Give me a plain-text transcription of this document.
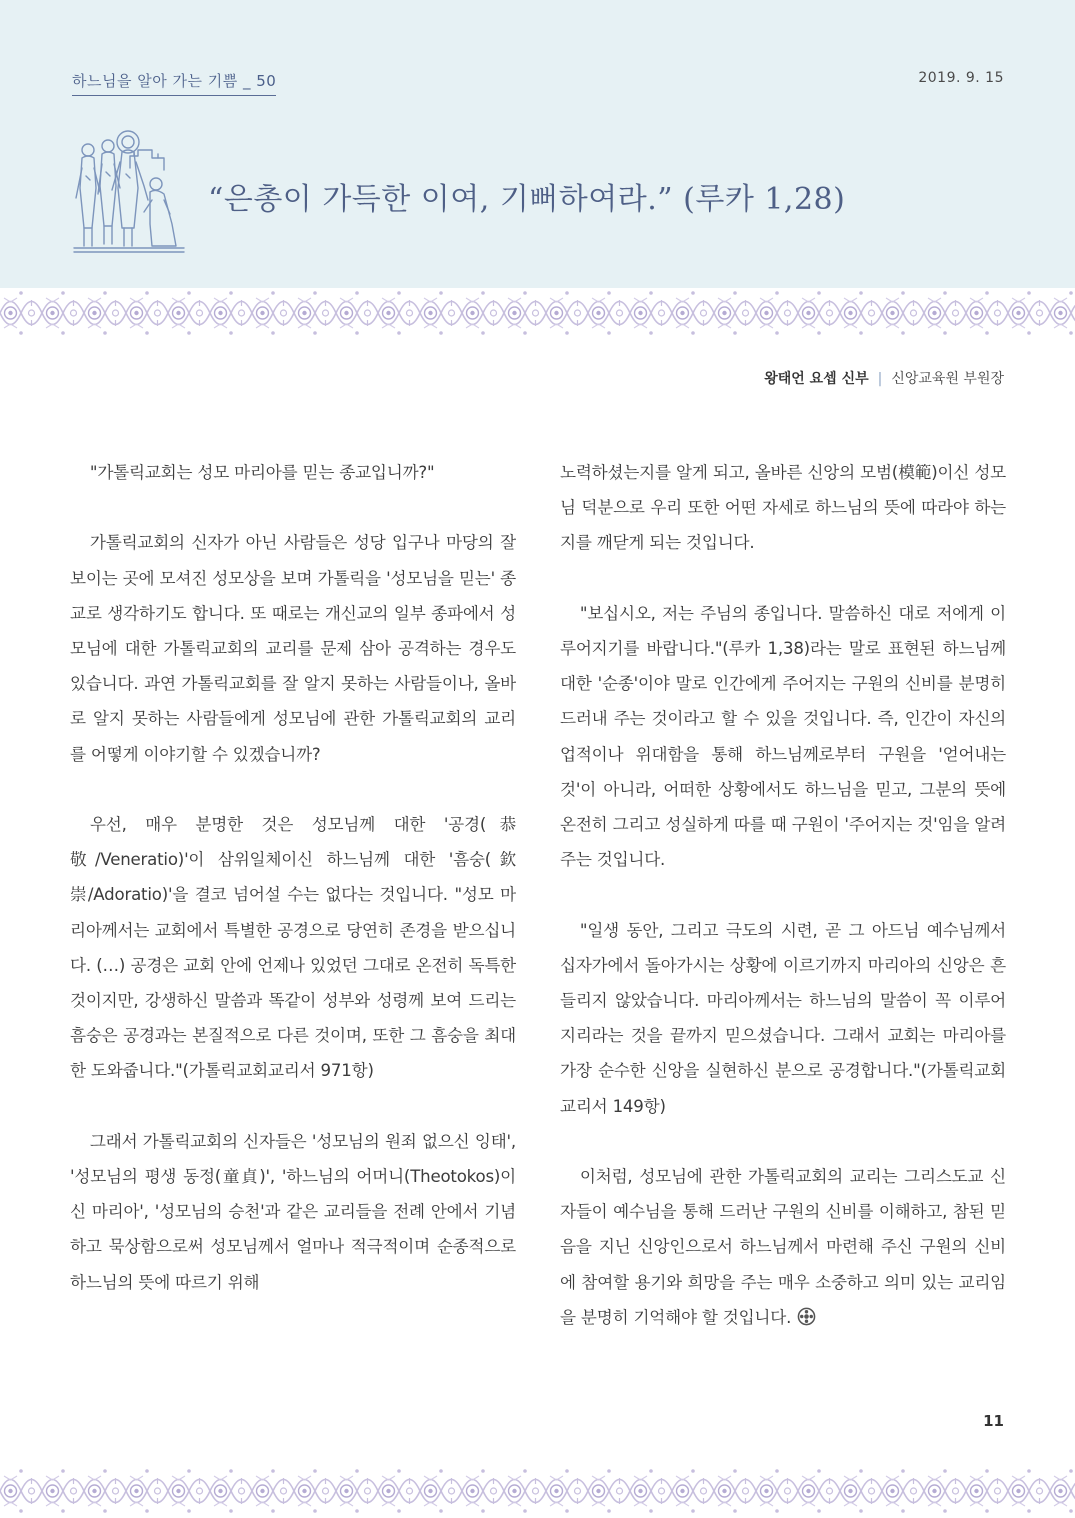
하느님을 알아 가는 기쁨 _ 50	2019. 9. 15
“은총이 가득한 이여, 기뻐하여라.” (루카 1,28)
왕태언 요셉 신부 | 신앙교육원 부원장

"가톨릭교회는 성모 마리아를 믿는 종교입니까?"

가톨릭교회의 신자가 아닌 사람들은 성당 입구나 마당의 잘 보이는 곳에 모셔진 성모상을 보며 가톨릭을 '성모님을 믿는' 종교로 생각하기도 합니다. 또 때로는 개신교의 일부 종파에서 성모님에 대한 가톨릭교회의 교리를 문제 삼아 공격하는 경우도 있습니다. 과연 가톨릭교회를 잘 알지 못하는 사람들이나, 올바로 알지 못하는 사람들에게 성모님에 관한 가톨릭교회의 교리를 어떻게 이야기할 수 있겠습니까?

우선, 매우 분명한 것은 성모님께 대한 '공경(恭敬/Veneratio)'이 삼위일체이신 하느님께 대한 '흠숭(欽崇/Adoratio)'을 결코 넘어설 수는 없다는 것입니다. "성모 마리아께서는 교회에서 특별한 공경으로 당연히 존경을 받으십니다. (…) 공경은 교회 안에 언제나 있었던 그대로 온전히 독특한 것이지만, 강생하신 말씀과 똑같이 성부와 성령께 보여 드리는 흠숭은 공경과는 본질적으로 다른 것이며, 또한 그 흠숭을 최대한 도와줍니다."(가톨릭교회교리서 971항)

그래서 가톨릭교회의 신자들은 '성모님의 원죄 없으신 잉태', '성모님의 평생 동정(童貞)', '하느님의 어머니(Theotokos)이신 마리아', '성모님의 승천'과 같은 교리들을 전례 안에서 기념하고 묵상함으로써 성모님께서 얼마나 적극적이며 순종적으로 하느님의 뜻에 따르기 위해

노력하셨는지를 알게 되고, 올바른 신앙의 모범(模範)이신 성모님 덕분으로 우리 또한 어떤 자세로 하느님의 뜻에 따라야 하는지를 깨닫게 되는 것입니다.

"보십시오, 저는 주님의 종입니다. 말씀하신 대로 저에게 이루어지기를 바랍니다."(루카 1,38)라는 말로 표현된 하느님께 대한 '순종'이야 말로 인간에게 주어지는 구원의 신비를 분명히 드러내 주는 것이라고 할 수 있을 것입니다. 즉, 인간이 자신의 업적이나 위대함을 통해 하느님께로부터 구원을 '얻어내는 것'이 아니라, 어떠한 상황에서도 하느님을 믿고, 그분의 뜻에 온전히 그리고 성실하게 따를 때 구원이 '주어지는 것'임을 알려주는 것입니다.

"일생 동안, 그리고 극도의 시련, 곧 그 아드님 예수님께서 십자가에서 돌아가시는 상황에 이르기까지 마리아의 신앙은 흔들리지 않았습니다. 마리아께서는 하느님의 말씀이 꼭 이루어지리라는 것을 끝까지 믿으셨습니다. 그래서 교회는 마리아를 가장 순수한 신앙을 실현하신 분으로 공경합니다."(가톨릭교회교리서 149항)

이처럼, 성모님에 관한 가톨릭교회의 교리는 그리스도교 신자들이 예수님을 통해 드러난 구원의 신비를 이해하고, 참된 믿음을 지닌 신앙인으로서 하느님께서 마련해 주신 구원의 신비에 참여할 용기와 희망을 주는 매우 소중하고 의미 있는 교리임을 분명히 기억해야 할 것입니다.

11
